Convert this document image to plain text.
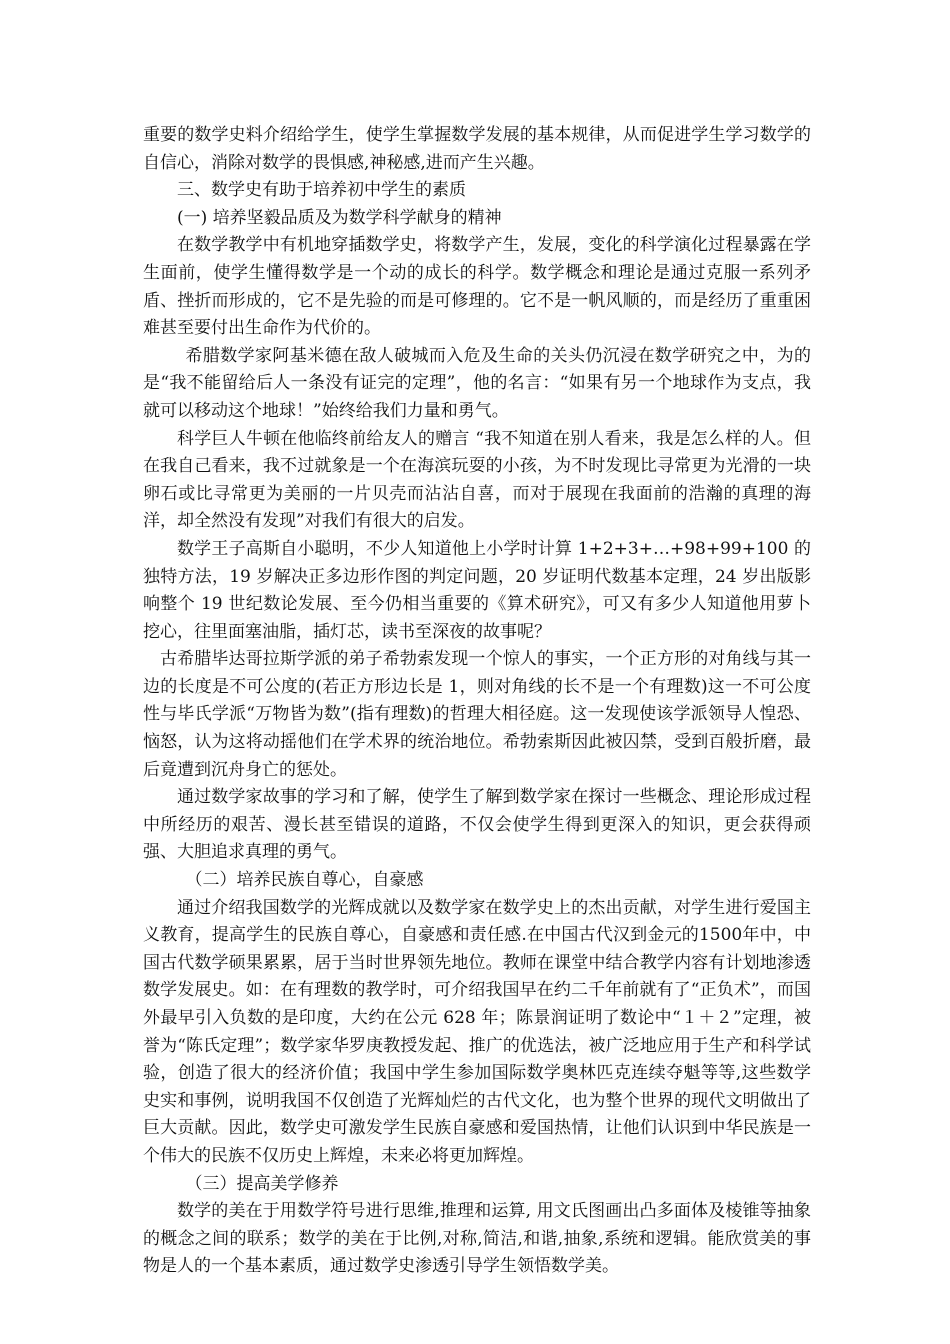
重要的数学史料介绍给学生，使学生掌握数学发展的基本规律，从而促进学生学习数学的自信心，消除对数学的畏惧感,神秘感,进而产生兴趣。

三、数学史有助于培养初中学生的素质

(一) 培养坚毅品质及为数学科学献身的精神

在数学教学中有机地穿插数学史，将数学产生，发展，变化的科学演化过程暴露在学生面前，使学生懂得数学是一个动的成长的科学。数学概念和理论是通过克服一系列矛盾、挫折而形成的，它不是先验的而是可修理的。它不是一帆风顺的，而是经历了重重困难甚至要付出生命作为代价的。

希腊数学家阿基米德在敌人破城而入危及生命的关头仍沉浸在数学研究之中，为的是“我不能留给后人一条没有证完的定理”，他的名言：“如果有另一个地球作为支点，我就可以移动这个地球！”始终给我们力量和勇气。

科学巨人牛顿在他临终前给友人的赠言 “我不知道在别人看来，我是怎么样的人。但在我自己看来，我不过就象是一个在海滨玩耍的小孩，为不时发现比寻常更为光滑的一块卵石或比寻常更为美丽的一片贝壳而沾沾自喜，而对于展现在我面前的浩瀚的真理的海洋，却全然没有发现”对我们有很大的启发。

数学王子高斯自小聪明，不少人知道他上小学时计算 1+2+3+…+98+99+100 的独特方法，19 岁解决正多边形作图的判定问题，20 岁证明代数基本定理，24 岁出版影响整个 19 世纪数论发展、至今仍相当重要的《算术研究》，可又有多少人知道他用萝卜挖心，往里面塞油脂，插灯芯，读书至深夜的故事呢？

古希腊毕达哥拉斯学派的弟子希勃索发现一个惊人的事实，一个正方形的对角线与其一边的长度是不可公度的(若正方形边长是 1，则对角线的长不是一个有理数)这一不可公度性与毕氏学派“万物皆为数”(指有理数)的哲理大相径庭。这一发现使该学派领导人惶恐、恼怒，认为这将动摇他们在学术界的统治地位。希勃索斯因此被囚禁，受到百般折磨，最后竟遭到沉舟身亡的惩处。

通过数学家故事的学习和了解，使学生了解到数学家在探讨一些概念、理论形成过程中所经历的艰苦、漫长甚至错误的道路，不仅会使学生得到更深入的知识，更会获得顽强、大胆追求真理的勇气。

（二）培养民族自尊心，自豪感

通过介绍我国数学的光辉成就以及数学家在数学史上的杰出贡献，对学生进行爱国主义教育，提高学生的民族自尊心，自豪感和责任感.在中国古代汉到金元的1500年中，中国古代数学硕果累累，居于当时世界领先地位。教师在课堂中结合教学内容有计划地渗透数学发展史。如：在有理数的教学时，可介绍我国早在约二千年前就有了“正负术”，而国外最早引入负数的是印度，大约在公元 628 年；陈景润证明了数论中“１＋２”定理，被誉为“陈氏定理”；数学家华罗庚教授发起、推广的优选法，被广泛地应用于生产和科学试验，创造了很大的经济价值；我国中学生参加国际数学奥林匹克连续夺魁等等,这些数学史实和事例，说明我国不仅创造了光辉灿烂的古代文化，也为整个世界的现代文明做出了巨大贡献。因此，数学史可激发学生民族自豪感和爱国热情，让他们认识到中华民族是一个伟大的民族不仅历史上辉煌，未来必将更加辉煌。

（三）提高美学修养

数学的美在于用数学符号进行思维,推理和运算, 用文氏图画出凸多面体及棱锥等抽象的概念之间的联系；数学的美在于比例,对称,简洁,和谐,抽象,系统和逻辑。能欣赏美的事物是人的一个基本素质，通过数学史渗透引导学生领悟数学美。
